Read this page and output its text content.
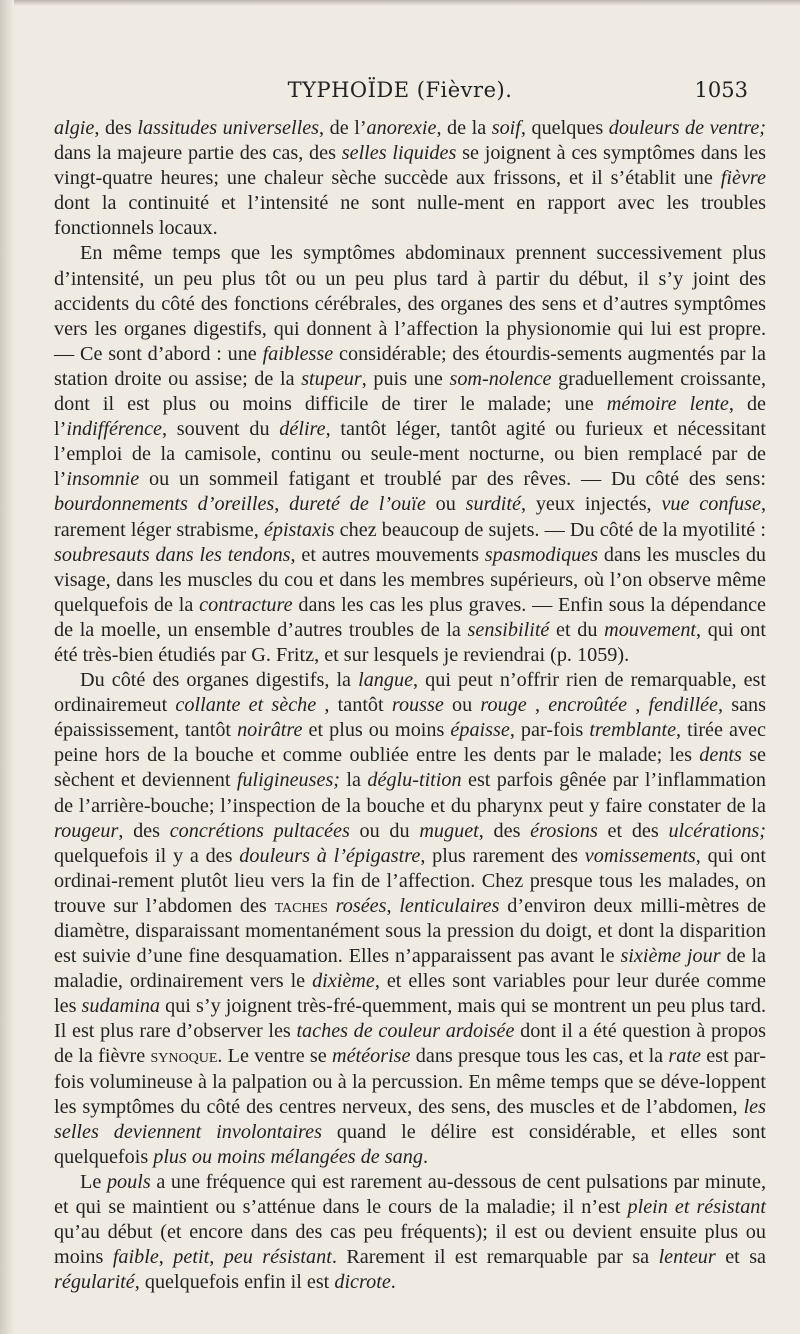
TYPHOÏDE (Fièvre).	1053

algie, des lassitudes universelles, de l’anorexie, de la soif, quelques douleurs de ventre; dans la majeure partie des cas, des selles liquides se joignent à ces symptômes dans les vingt-quatre heures; une chaleur sèche succède aux frissons, et il s’établit une fièvre dont la continuité et l’intensité ne sont nulle-ment en rapport avec les troubles fonctionnels locaux.

En même temps que les symptômes abdominaux prennent successivement plus d’intensité, un peu plus tôt ou un peu plus tard à partir du début, il s’y joint des accidents du côté des fonctions cérébrales, des organes des sens et d’autres symptômes vers les organes digestifs, qui donnent à l’affection la physionomie qui lui est propre. — Ce sont d’abord : une faiblesse considérable; des étourdis-sements augmentés par la station droite ou assise; de la stupeur, puis une som-nolence graduellement croissante, dont il est plus ou moins difficile de tirer le malade; une mémoire lente, de l’indifférence, souvent du délire, tantôt léger, tantôt agité ou furieux et nécessitant l’emploi de la camisole, continu ou seule-ment nocturne, ou bien remplacé par de l’insomnie ou un sommeil fatigant et troublé par des rêves. — Du côté des sens: bourdonnements d’oreilles, dureté de l’ouïe ou surdité, yeux injectés, vue confuse, rarement léger strabisme, épistaxis chez beaucoup de sujets. — Du côté de la myotilité : soubresauts dans les tendons, et autres mouvements spasmodiques dans les muscles du visage, dans les muscles du cou et dans les membres supérieurs, où l’on observe même quelquefois de la contracture dans les cas les plus graves. — Enfin sous la dépendance de la moelle, un ensemble d’autres troubles de la sensibilité et du mouvement, qui ont été très-bien étudiés par G. Fritz, et sur lesquels je reviendrai (p. 1059).

Du côté des organes digestifs, la langue, qui peut n’offrir rien de remarquable, est ordinairemeut collante et sèche , tantôt rousse ou rouge , encroûtée , fendillée, sans épaississement, tantôt noirâtre et plus ou moins épaisse, par-fois tremblante, tirée avec peine hors de la bouche et comme oubliée entre les dents par le malade; les dents se sèchent et deviennent fuligineuses; la déglu-tition est parfois gênée par l’inflammation de l’arrière-bouche; l’inspection de la bouche et du pharynx peut y faire constater de la rougeur, des concrétions pultacées ou du muguet, des érosions et des ulcérations; quelquefois il y a des douleurs à l’épigastre, plus rarement des vomissements, qui ont ordinai-rement plutôt lieu vers la fin de l’affection. Chez presque tous les malades, on trouve sur l’abdomen des taches rosées, lenticulaires d’environ deux milli-mètres de diamètre, disparaissant momentanément sous la pression du doigt, et dont la disparition est suivie d’une fine desquamation. Elles n’apparaissent pas avant le sixième jour de la maladie, ordinairement vers le dixième, et elles sont variables pour leur durée comme les sudamina qui s’y joignent très-fré-quemment, mais qui se montrent un peu plus tard. Il est plus rare d’observer les taches de couleur ardoisée dont il a été question à propos de la fièvre synoque. Le ventre se météorise dans presque tous les cas, et la rate est par-fois volumineuse à la palpation ou à la percussion. En même temps que se déve-loppent les symptômes du côté des centres nerveux, des sens, des muscles et de l’abdomen, les selles deviennent involontaires quand le délire est considérable, et elles sont quelquefois plus ou moins mélangées de sang.

Le pouls a une fréquence qui est rarement au-dessous de cent pulsations par minute, et qui se maintient ou s’atténue dans le cours de la maladie; il n’est plein et résistant qu’au début (et encore dans des cas peu fréquents); il est ou devient ensuite plus ou moins faible, petit, peu résistant. Rarement il est remarquable par sa lenteur et sa régularité, quelquefois enfin il est dicrote.
